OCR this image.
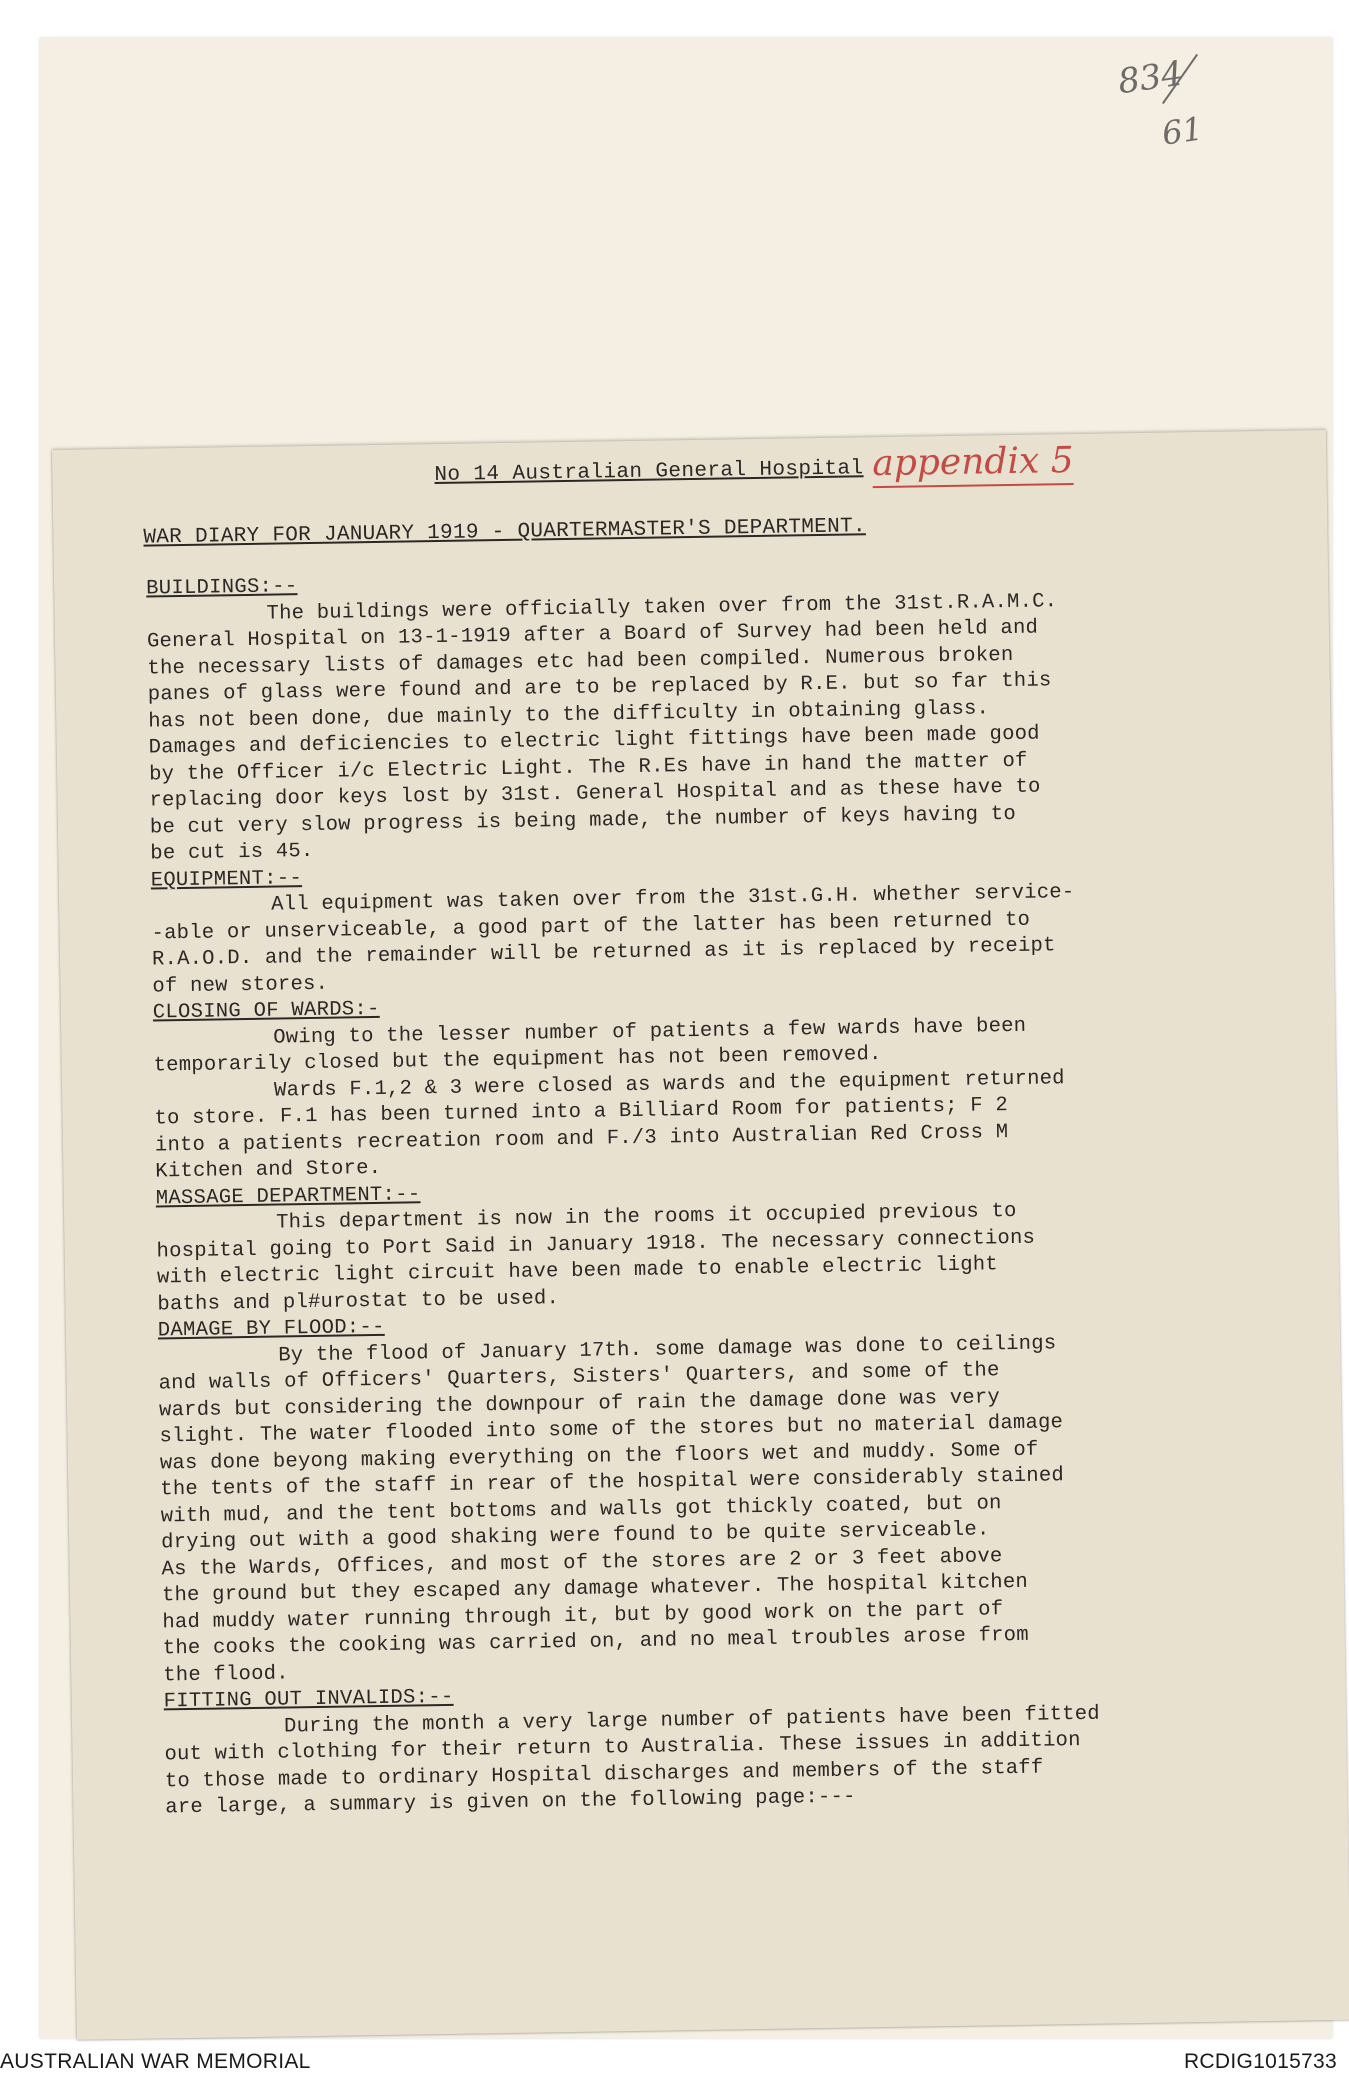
834
61
No 14 Australian General Hospital appendix 5
WAR DIARY FOR JANUARY 1919 - QUARTERMASTER'S DEPARTMENT.
BUILDINGS:--
The buildings were officially taken over from the 31st.R.A.M.C.
General Hospital on 13-1-1919 after a Board of Survey had been held and
the necessary lists of damages etc had been compiled. Numerous broken
panes of glass were found and are to be replaced by R.E. but so far this
has not been done, due mainly to the difficulty in obtaining glass.
Damages and deficiencies to electric light fittings have been made good
by the Officer i/c Electric Light. The R.Es have in hand the matter of
replacing door keys lost by 31st. General Hospital and as these have to
be cut very slow progress is being made, the number of keys having to
be cut is 45.
EQUIPMENT:--
All equipment was taken over from the 31st.G.H. whether service-
-able or unserviceable, a good part of the latter has been returned to
R.A.O.D. and the remainder will be returned as it is replaced by receipt
of new stores.
CLOSING OF WARDS:-
Owing to the lesser number of patients a few wards have been
temporarily closed but the equipment has not been removed.
Wards F.1,2 & 3 were closed as wards and the equipment returned
to store. F.1 has been turned into a Billiard Room for patients; F 2
into a patients recreation room and F./3 into Australian Red Cross M
Kitchen and Store.
MASSAGE DEPARTMENT:--
This department is now in the rooms it occupied previous to
hospital going to Port Said in January 1918. The necessary connections
with electric light circuit have been made to enable electric light
baths and pl#urostat to be used.
DAMAGE BY FLOOD:--
By the flood of January 17th. some damage was done to ceilings
and walls of Officers' Quarters, Sisters' Quarters, and some of the
wards but considering the downpour of rain the damage done was very
slight. The water flooded into some of the stores but no material damage
was done beyong making everything on the floors wet and muddy. Some of
the tents of the staff in rear of the hospital were considerably stained
with mud, and the tent bottoms and walls got thickly coated, but on
drying out with a good shaking were found to be quite serviceable.
As the Wards, Offices, and most of the stores are 2 or 3 feet above
the ground but they escaped any damage whatever. The hospital kitchen
had muddy water running through it, but by good work on the part of
the cooks the cooking was carried on, and no meal troubles arose from
the flood.
FITTING OUT INVALIDS:--
During the month a very large number of patients have been fitted
out with clothing for their return to Australia. These issues in addition
to those made to ordinary Hospital discharges and members of the staff
are large, a summary is given on the following page:---
AUSTRALIAN WAR MEMORIAL	RCDIG1015733
